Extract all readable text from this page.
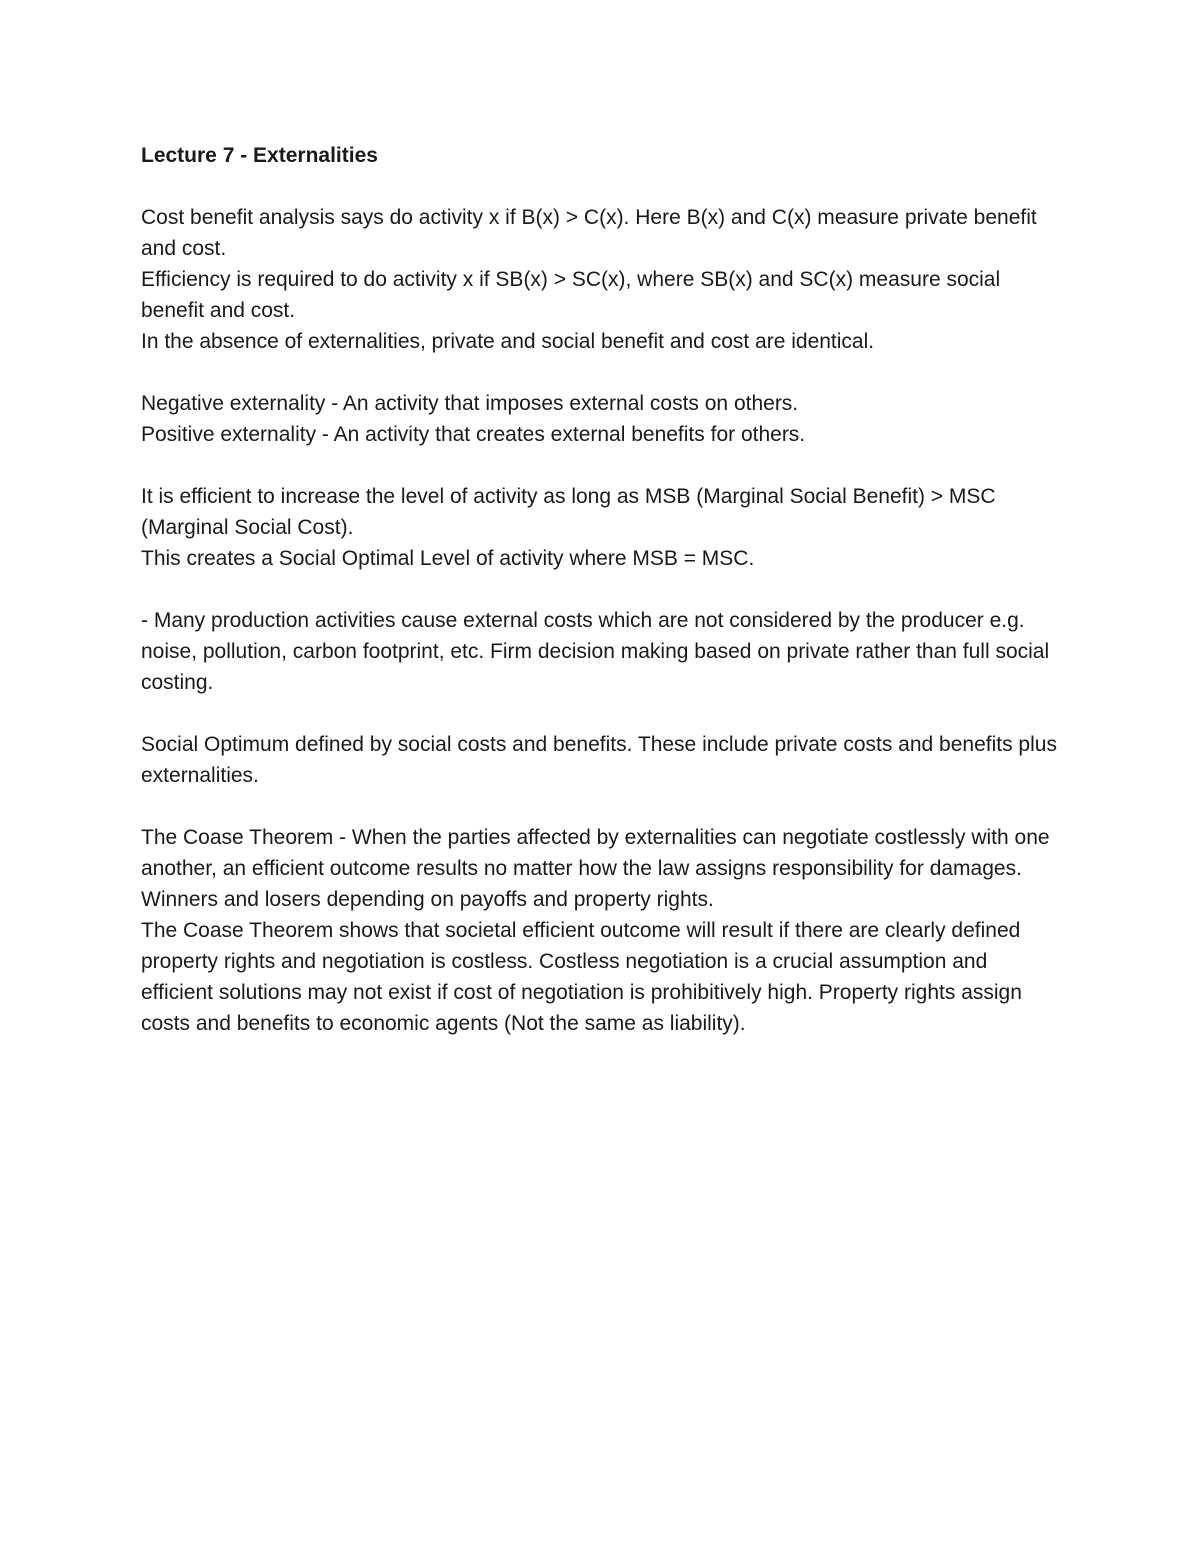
Lecture 7 - Externalities

Cost benefit analysis says do activity x if B(x) > C(x). Here B(x) and C(x) measure private benefit and cost.

Efficiency is required to do activity x if SB(x) > SC(x), where SB(x) and SC(x) measure social benefit and cost.

In the absence of externalities, private and social benefit and cost are identical.

Negative externality - An activity that imposes external costs on others.

Positive externality - An activity that creates external benefits for others.

It is efficient to increase the level of activity as long as MSB (Marginal Social Benefit) > MSC (Marginal Social Cost).

This creates a Social Optimal Level of activity where MSB = MSC.

- Many production activities cause external costs which are not considered by the producer e.g. noise, pollution, carbon footprint, etc. Firm decision making based on private rather than full social costing.

Social Optimum defined by social costs and benefits. These include private costs and benefits plus externalities.

The Coase Theorem - When the parties affected by externalities can negotiate costlessly with one another, an efficient outcome results no matter how the law assigns responsibility for damages. Winners and losers depending on payoffs and property rights.

The Coase Theorem shows that societal efficient outcome will result if there are clearly defined property rights and negotiation is costless. Costless negotiation is a crucial assumption and efficient solutions may not exist if cost of negotiation is prohibitively high. Property rights assign costs and benefits to economic agents (Not the same as liability).
